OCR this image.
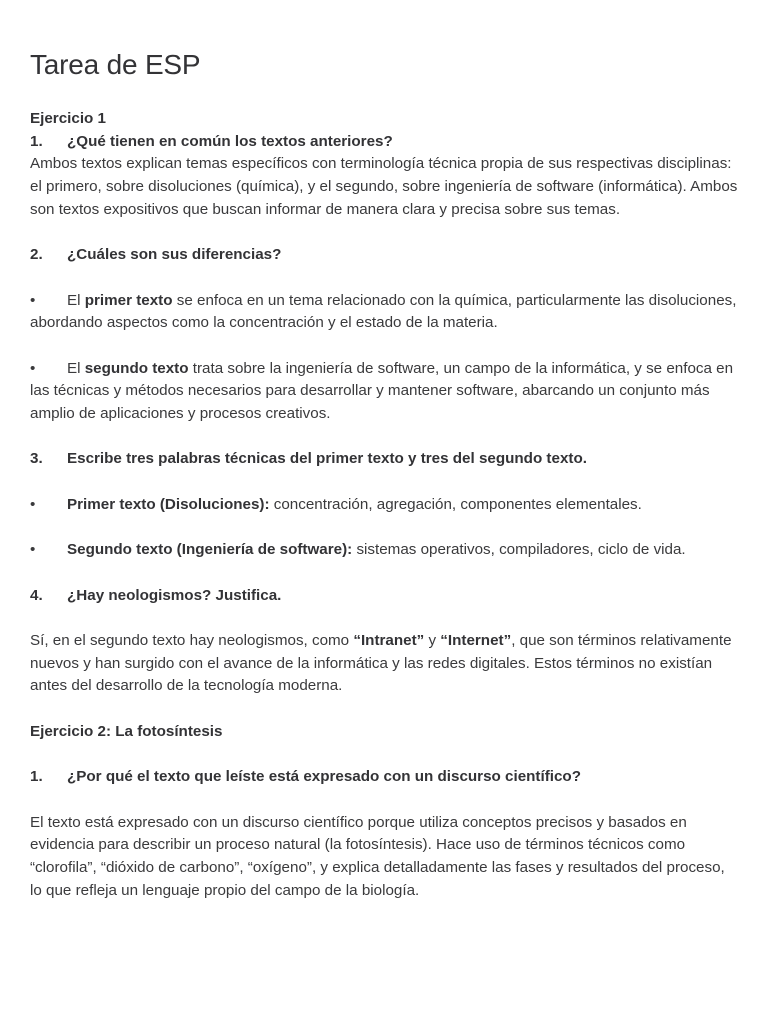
Tarea de ESP
Ejercicio 1
1. ¿Qué tienen en común los textos anteriores?

Ambos textos explican temas específicos con terminología técnica propia de sus respectivas disciplinas: el primero, sobre disoluciones (química), y el segundo, sobre ingeniería de software (informática). Ambos son textos expositivos que buscan informar de manera clara y precisa sobre sus temas.

2. ¿Cuáles son sus diferencias?

• El primer texto se enfoca en un tema relacionado con la química, particularmente las disoluciones, abordando aspectos como la concentración y el estado de la materia.

• El segundo texto trata sobre la ingeniería de software, un campo de la informática, y se enfoca en las técnicas y métodos necesarios para desarrollar y mantener software, abarcando un conjunto más amplio de aplicaciones y procesos creativos.

3. Escribe tres palabras técnicas del primer texto y tres del segundo texto.

• Primer texto (Disoluciones): concentración, agregación, componentes elementales.

• Segundo texto (Ingeniería de software): sistemas operativos, compiladores, ciclo de vida.

4. ¿Hay neologismos? Justifica.

Sí, en el segundo texto hay neologismos, como “Intranet” y “Internet”, que son términos relativamente nuevos y han surgido con el avance de la informática y las redes digitales. Estos términos no existían antes del desarrollo de la tecnología moderna.

Ejercicio 2: La fotosíntesis
1. ¿Por qué el texto que leíste está expresado con un discurso científico?

El texto está expresado con un discurso científico porque utiliza conceptos precisos y basados en evidencia para describir un proceso natural (la fotosíntesis). Hace uso de términos técnicos como “clorofila”, “dióxido de carbono”, “oxígeno”, y explica detalladamente las fases y resultados del proceso, lo que refleja un lenguaje propio del campo de la biología.
